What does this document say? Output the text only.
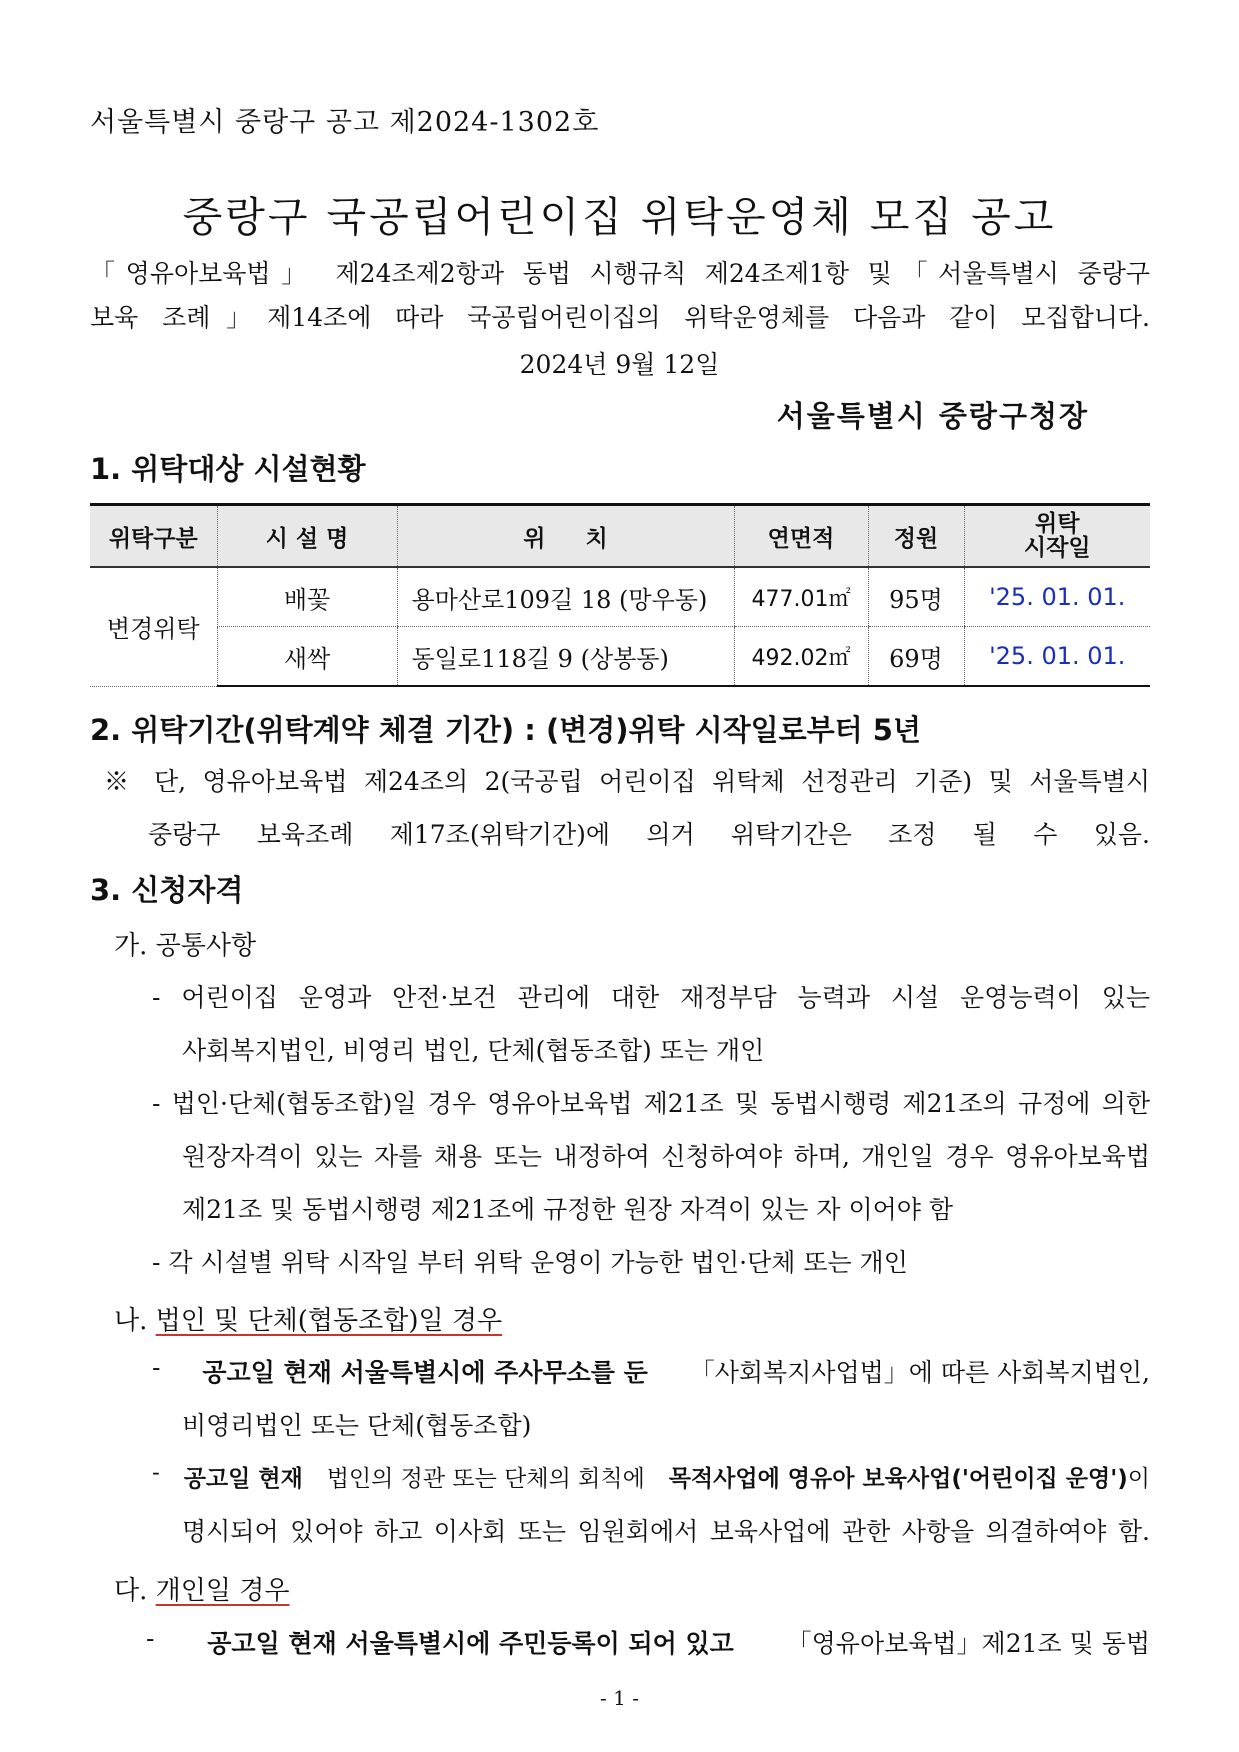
서울특별시 중랑구 공고 제2024-1302호
중랑구 국공립어린이집 위탁운영체 모집 공고
「영유아보육법」 제24조제2항과 동법 시행규칙 제24조제1항 및「서울특별시 중랑구
보육 조례」제14조에 따라 국공립어린이집의 위탁운영체를 다음과 같이 모집합니다.
2024년 9월 12일
서울특별시 중랑구청장
1. 위탁대상 시설현황
위탁구분	시 설 명	위     치	연면적	정원	위탁
시작일

변경위탁	배꽃	용마산로109길 18 (망우동)	477.01㎡	95명	'25. 01. 01.
	새싹	동일로118길 9 (상봉동)	492.02㎡	69명	'25. 01. 01.
2. 위탁기간(위탁계약 체결 기간) : (변경)위탁 시작일로부터 5년
※ 단, 영유아보육법 제24조의 2(국공립 어린이집 위탁체 선정관리 기준) 및 서울특별시
중랑구 보육조례 제17조(위탁기간)에 의거 위탁기간은 조정 될 수 있음.
3. 신청자격
가. 공통사항
- 어린이집 운영과 안전·보건 관리에 대한 재정부담 능력과 시설 운영능력이 있는
사회복지법인, 비영리 법인, 단체(협동조합) 또는 개인
- 법인·단체(협동조합)일 경우 영유아보육법 제21조 및 동법시행령 제21조의 규정에 의한
원장자격이 있는 자를 채용 또는 내정하여 신청하여야 하며, 개인일 경우 영유아보육법
제21조 및 동법시행령 제21조에 규정한 원장 자격이 있는 자 이어야 함
- 각 시설별 위탁 시작일 부터 위탁 운영이 가능한 법인·단체 또는 개인
나. 법인 및 단체(협동조합)일 경우
- 공고일 현재 서울특별시에 주사무소를 둔 「사회복지사업법」에 따른 사회복지법인,
비영리법인 또는 단체(협동조합)
- 공고일 현재 법인의 정관 또는 단체의 회칙에 목적사업에 영유아 보육사업('어린이집 운영')이
명시되어 있어야 하고 이사회 또는 임원회에서 보육사업에 관한 사항을 의결하여야 함.
다. 개인일 경우
- 공고일 현재 서울특별시에 주민등록이 되어 있고 「영유아보육법」제21조 및 동법
- 1 -
